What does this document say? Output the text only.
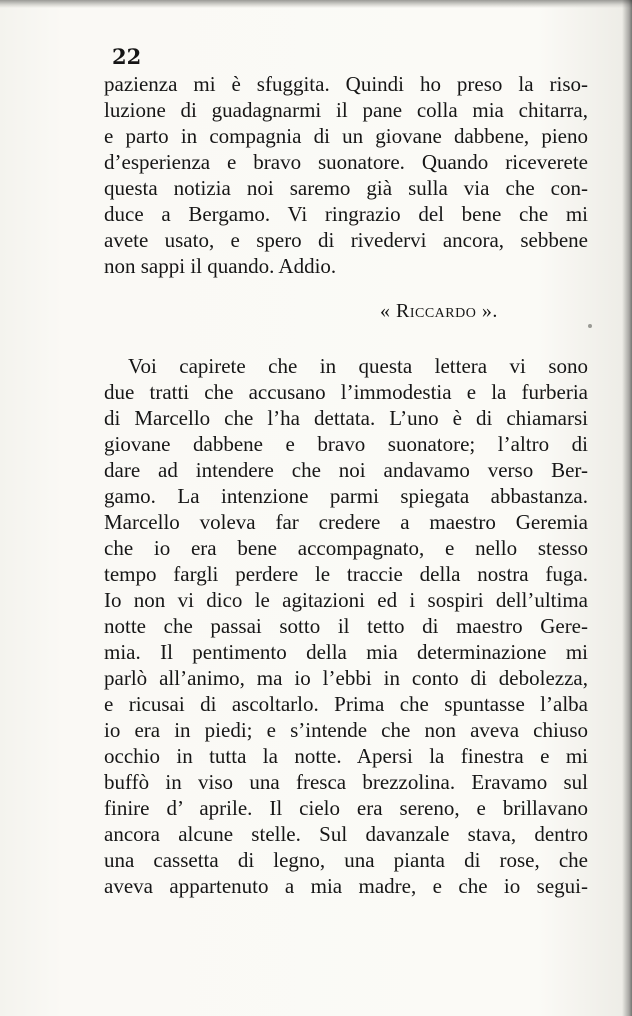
22
pazienza mi è sfuggita. Quindi ho preso la riso-
luzione di guadagnarmi il pane colla mia chitarra,
e parto in compagnia di un giovane dabbene, pieno
d’esperienza e bravo suonatore. Quando riceverete
questa notizia noi saremo già sulla via che con-
duce a Bergamo. Vi ringrazio del bene che mi
avete usato, e spero di rivedervi ancora, sebbene
non sappi il quando. Addio.
« Riccardo ».
Voi capirete che in questa lettera vi sono
due tratti che accusano l’immodestia e la furberia
di Marcello che l’ha dettata. L’uno è di chiamarsi
giovane dabbene e bravo suonatore; l’altro di
dare ad intendere che noi andavamo verso Ber-
gamo. La intenzione parmi spiegata abbastanza.
Marcello voleva far credere a maestro Geremia
che io era bene accompagnato, e nello stesso
tempo fargli perdere le traccie della nostra fuga.
Io non vi dico le agitazioni ed i sospiri dell’ultima
notte che passai sotto il tetto di maestro Gere-
mia. Il pentimento della mia determinazione mi
parlò all’animo, ma io l’ebbi in conto di debolezza,
e ricusai di ascoltarlo. Prima che spuntasse l’alba
io era in piedi; e s’intende che non aveva chiuso
occhio in tutta la notte. Apersi la finestra e mi
buffò in viso una fresca brezzolina. Eravamo sul
finire d’ aprile. Il cielo era sereno, e brillavano
ancora alcune stelle. Sul davanzale stava, dentro
una cassetta di legno, una pianta di rose, che
aveva appartenuto a mia madre, e che io segui-
